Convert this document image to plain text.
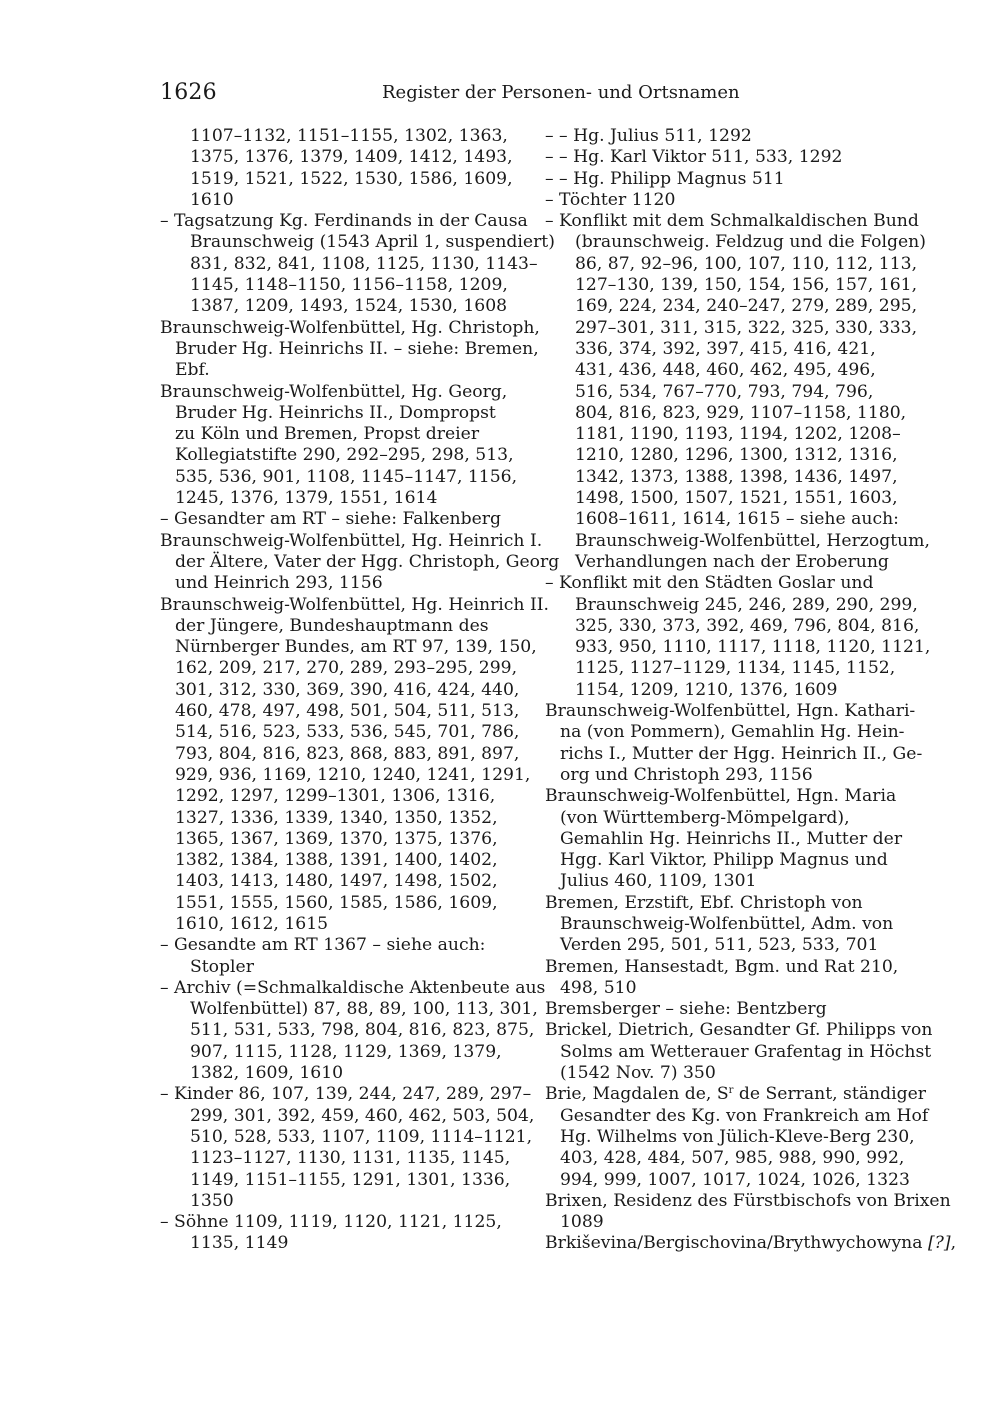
1626	Register der Personen- und Ortsnamen
1107–1132, 1151–1155, 1302, 1363,
1375, 1376, 1379, 1409, 1412, 1493,
1519, 1521, 1522, 1530, 1586, 1609,
1610
– Tagsatzung Kg. Ferdinands in der Causa
Braunschweig (1543 April 1, suspendiert)
831, 832, 841, 1108, 1125, 1130, 1143–
1145, 1148–1150, 1156–1158, 1209,
1387, 1209, 1493, 1524, 1530, 1608
Braunschweig-Wolfenbüttel, Hg. Christoph,
Bruder Hg. Heinrichs II. – siehe: Bremen,
Ebf.
Braunschweig-Wolfenbüttel, Hg. Georg,
Bruder Hg. Heinrichs II., Dompropst
zu Köln und Bremen, Propst dreier
Kollegiatstifte 290, 292–295, 298, 513,
535, 536, 901, 1108, 1145–1147, 1156,
1245, 1376, 1379, 1551, 1614
– Gesandter am RT – siehe: Falkenberg
Braunschweig-Wolfenbüttel, Hg. Heinrich I.
der Ältere, Vater der Hgg. Christoph, Georg
und Heinrich 293, 1156
Braunschweig-Wolfenbüttel, Hg. Heinrich II.
der Jüngere, Bundeshauptmann des
Nürnberger Bundes, am RT 97, 139, 150,
162, 209, 217, 270, 289, 293–295, 299,
301, 312, 330, 369, 390, 416, 424, 440,
460, 478, 497, 498, 501, 504, 511, 513,
514, 516, 523, 533, 536, 545, 701, 786,
793, 804, 816, 823, 868, 883, 891, 897,
929, 936, 1169, 1210, 1240, 1241, 1291,
1292, 1297, 1299–1301, 1306, 1316,
1327, 1336, 1339, 1340, 1350, 1352,
1365, 1367, 1369, 1370, 1375, 1376,
1382, 1384, 1388, 1391, 1400, 1402,
1403, 1413, 1480, 1497, 1498, 1502,
1551, 1555, 1560, 1585, 1586, 1609,
1610, 1612, 1615
– Gesandte am RT 1367 – siehe auch:
Stopler
– Archiv (=Schmalkaldische Aktenbeute aus
Wolfenbüttel) 87, 88, 89, 100, 113, 301,
511, 531, 533, 798, 804, 816, 823, 875,
907, 1115, 1128, 1129, 1369, 1379,
1382, 1609, 1610
– Kinder 86, 107, 139, 244, 247, 289, 297–
299, 301, 392, 459, 460, 462, 503, 504,
510, 528, 533, 1107, 1109, 1114–1121,
1123–1127, 1130, 1131, 1135, 1145,
1149, 1151–1155, 1291, 1301, 1336,
1350
– Söhne 1109, 1119, 1120, 1121, 1125,
1135, 1149
– – Hg. Julius 511, 1292
– – Hg. Karl Viktor 511, 533, 1292
– – Hg. Philipp Magnus 511
– Töchter 1120
– Konflikt mit dem Schmalkaldischen Bund
(braunschweig. Feldzug und die Folgen)
86, 87, 92–96, 100, 107, 110, 112, 113,
127–130, 139, 150, 154, 156, 157, 161,
169, 224, 234, 240–247, 279, 289, 295,
297–301, 311, 315, 322, 325, 330, 333,
336, 374, 392, 397, 415, 416, 421,
431, 436, 448, 460, 462, 495, 496,
516, 534, 767–770, 793, 794, 796,
804, 816, 823, 929, 1107–1158, 1180,
1181, 1190, 1193, 1194, 1202, 1208–
1210, 1280, 1296, 1300, 1312, 1316,
1342, 1373, 1388, 1398, 1436, 1497,
1498, 1500, 1507, 1521, 1551, 1603,
1608–1611, 1614, 1615 – siehe auch:
Braunschweig-Wolfenbüttel, Herzogtum,
Verhandlungen nach der Eroberung
– Konflikt mit den Städten Goslar und
Braunschweig 245, 246, 289, 290, 299,
325, 330, 373, 392, 469, 796, 804, 816,
933, 950, 1110, 1117, 1118, 1120, 1121,
1125, 1127–1129, 1134, 1145, 1152,
1154, 1209, 1210, 1376, 1609
Braunschweig-Wolfenbüttel, Hgn. Kathari-
na (von Pommern), Gemahlin Hg. Hein-
richs I., Mutter der Hgg. Heinrich II., Ge-
org und Christoph 293, 1156
Braunschweig-Wolfenbüttel, Hgn. Maria
(von Württemberg-Mömpelgard),
Gemahlin Hg. Heinrichs II., Mutter der
Hgg. Karl Viktor, Philipp Magnus und
Julius 460, 1109, 1301
Bremen, Erzstift, Ebf. Christoph von
Braunschweig-Wolfenbüttel, Adm. von
Verden 295, 501, 511, 523, 533, 701
Bremen, Hansestadt, Bgm. und Rat 210,
498, 510
Bremsberger – siehe: Bentzberg
Brickel, Dietrich, Gesandter Gf. Philipps von
Solms am Wetterauer Grafentag in Höchst
(1542 Nov. 7) 350
Brie, Magdalen de, $S^r$ de Serrant, ständiger
Gesandter des Kg. von Frankreich am Hof
Hg. Wilhelms von Jülich-Kleve-Berg 230,
403, 428, 484, 507, 985, 988, 990, 992,
994, 999, 1007, 1017, 1024, 1026, 1323
Brixen, Residenz des Fürstbischofs von Brixen
1089
Brkiševina/Bergischovina/Brythwychowyna [?],
